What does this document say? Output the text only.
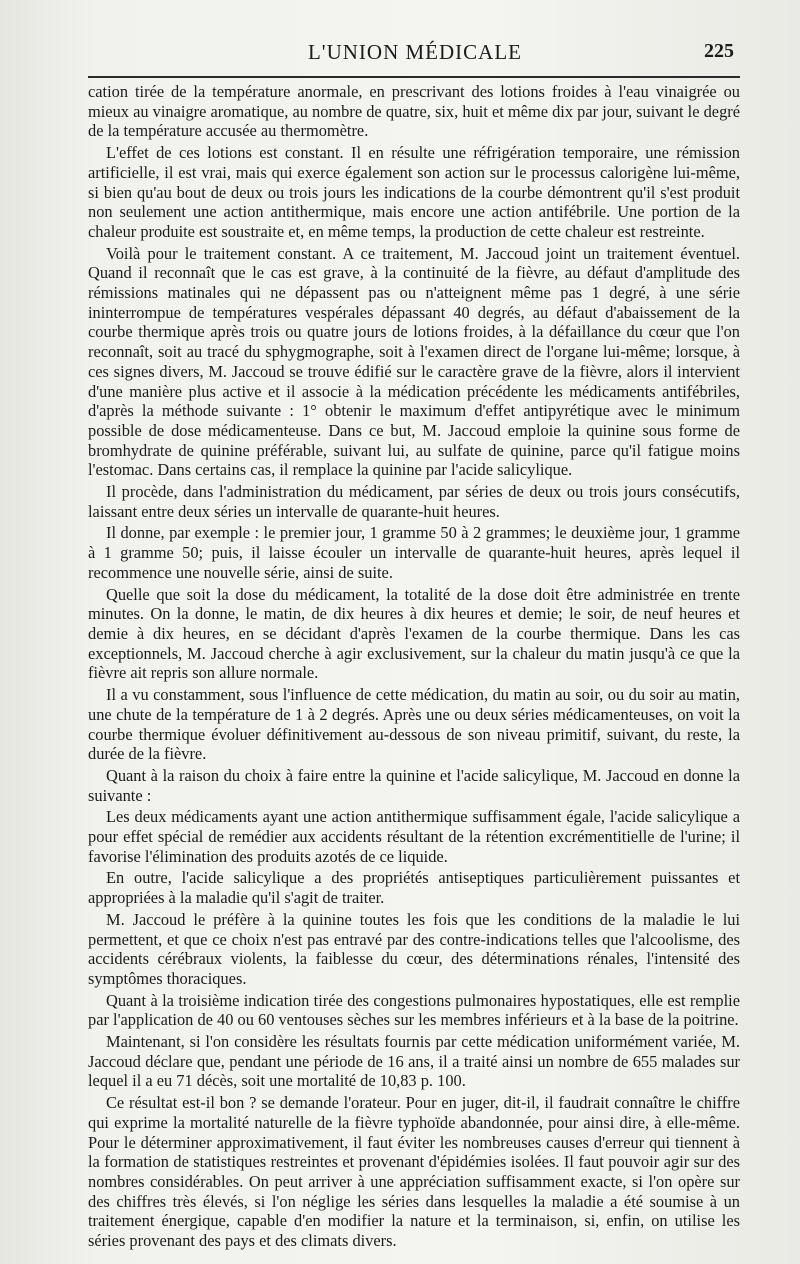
L'UNION MÉDICALE	225

cation tirée de la température anormale, en prescrivant des lotions froides à l'eau vinaigrée ou mieux au vinaigre aromatique, au nombre de quatre, six, huit et même dix par jour, suivant le degré de la température accusée au thermomètre.

L'effet de ces lotions est constant. Il en résulte une réfrigération temporaire, une rémission artificielle, il est vrai, mais qui exerce également son action sur le processus calorigène lui-même, si bien qu'au bout de deux ou trois jours les indications de la courbe démontrent qu'il s'est produit non seulement une action antithermique, mais encore une action antifébrile. Une portion de la chaleur produite est soustraite et, en même temps, la production de cette chaleur est restreinte.

Voilà pour le traitement constant. A ce traitement, M. Jaccoud joint un traitement éventuel. Quand il reconnaît que le cas est grave, à la continuité de la fièvre, au défaut d'amplitude des rémissions matinales qui ne dépassent pas ou n'atteignent même pas 1 degré, à une série ininterrompue de températures vespérales dépassant 40 degrés, au défaut d'abaissement de la courbe thermique après trois ou quatre jours de lotions froides, à la défaillance du cœur que l'on reconnaît, soit au tracé du sphygmographe, soit à l'examen direct de l'organe lui-même; lorsque, à ces signes divers, M. Jaccoud se trouve édifié sur le caractère grave de la fièvre, alors il intervient d'une manière plus active et il associe à la médication précédente les médicaments antifébriles, d'après la méthode suivante : 1° obtenir le maximum d'effet antipyrétique avec le minimum possible de dose médicamenteuse. Dans ce but, M. Jaccoud emploie la quinine sous forme de bromhydrate de quinine préférable, suivant lui, au sulfate de quinine, parce qu'il fatigue moins l'estomac. Dans certains cas, il remplace la quinine par l'acide salicylique.

Il procède, dans l'administration du médicament, par séries de deux ou trois jours consécutifs, laissant entre deux séries un intervalle de quarante-huit heures.

Il donne, par exemple : le premier jour, 1 gramme 50 à 2 grammes; le deuxième jour, 1 gramme à 1 gramme 50; puis, il laisse écouler un intervalle de quarante-huit heures, après lequel il recommence une nouvelle série, ainsi de suite.

Quelle que soit la dose du médicament, la totalité de la dose doit être administrée en trente minutes. On la donne, le matin, de dix heures à dix heures et demie; le soir, de neuf heures et demie à dix heures, en se décidant d'après l'examen de la courbe thermique. Dans les cas exceptionnels, M. Jaccoud cherche à agir exclusivement, sur la chaleur du matin jusqu'à ce que la fièvre ait repris son allure normale.

Il a vu constamment, sous l'influence de cette médication, du matin au soir, ou du soir au matin, une chute de la température de 1 à 2 degrés. Après une ou deux séries médicamenteuses, on voit la courbe thermique évoluer définitivement au-dessous de son niveau primitif, suivant, du reste, la durée de la fièvre.

Quant à la raison du choix à faire entre la quinine et l'acide salicylique, M. Jaccoud en donne la suivante :

Les deux médicaments ayant une action antithermique suffisamment égale, l'acide salicylique a pour effet spécial de remédier aux accidents résultant de la rétention excrémentitielle de l'urine; il favorise l'élimination des produits azotés de ce liquide.

En outre, l'acide salicylique a des propriétés antiseptiques particulièrement puissantes et appropriées à la maladie qu'il s'agit de traiter.

M. Jaccoud le préfère à la quinine toutes les fois que les conditions de la maladie le lui permettent, et que ce choix n'est pas entravé par des contre-indications telles que l'alcoolisme, des accidents cérébraux violents, la faiblesse du cœur, des déterminations rénales, l'intensité des symptômes thoraciques.

Quant à la troisième indication tirée des congestions pulmonaires hypostatiques, elle est remplie par l'application de 40 ou 60 ventouses sèches sur les membres inférieurs et à la base de la poitrine.

Maintenant, si l'on considère les résultats fournis par cette médication uniformément variée, M. Jaccoud déclare que, pendant une période de 16 ans, il a traité ainsi un nombre de 655 malades sur lequel il a eu 71 décès, soit une mortalité de 10,83 p. 100.

Ce résultat est-il bon ? se demande l'orateur. Pour en juger, dit-il, il faudrait connaître le chiffre qui exprime la mortalité naturelle de la fièvre typhoïde abandonnée, pour ainsi dire, à elle-même. Pour le déterminer approximativement, il faut éviter les nombreuses causes d'erreur qui tiennent à la formation de statistiques restreintes et provenant d'épidémies isolées. Il faut pouvoir agir sur des nombres considérables. On peut arriver à une appréciation suffisamment exacte, si l'on opère sur des chiffres très élevés, si l'on néglige les séries dans lesquelles la maladie a été soumise à un traitement énergique, capable d'en modifier la nature et la terminaison, si, enfin, on utilise les séries provenant des pays et des climats divers.
